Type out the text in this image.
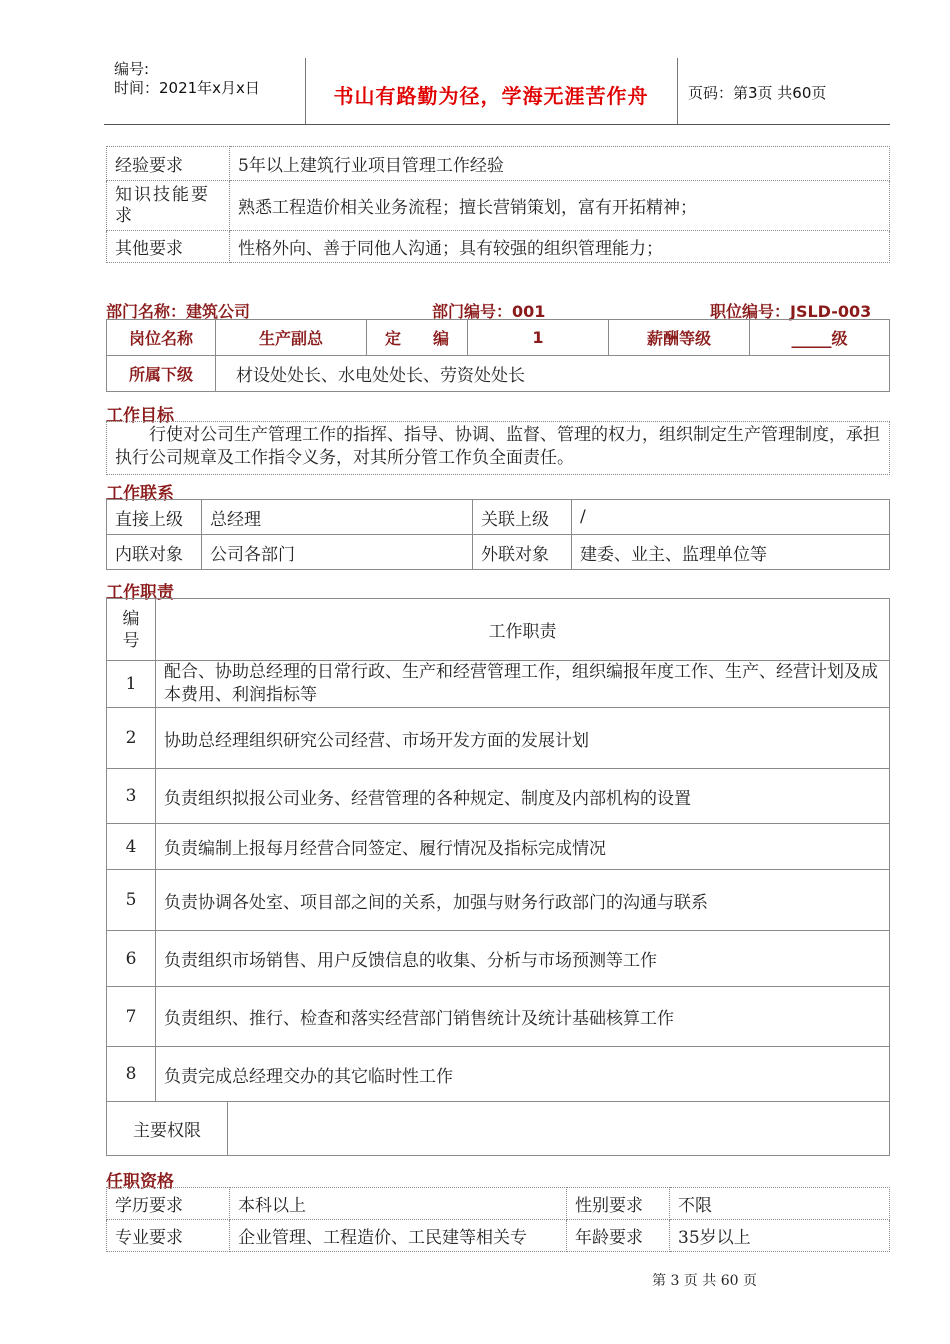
编号:
时间：2021年x月x日	书山有路勤为径，学海无涯苦作舟	页码：第3页 共60页
经验要求	5年以上建筑行业项目管理工作经验
知识技能要求	熟悉工程造价相关业务流程；擅长营销策划，富有开拓精神；
其他要求	性格外向、善于同他人沟通；具有较强的组织管理能力；
部门名称：建筑公司	部门编号：001	职位编号：JSLD-003
岗位名称	生产副总	定　　编	1	薪酬等级	_____级
所属下级	材设处处长、水电处处长、劳资处处长				
工作目标
行使对公司生产管理工作的指挥、指导、协调、监督、管理的权力，组织制定生产管理制度，承担执行公司规章及工作指令义务，对其所分管工作负全面责任。
工作联系
直接上级	总经理	关联上级	/
内联对象	公司各部门	外联对象	建委、业主、监理单位等
工作职责
编号	工作职责	
1	配合、协助总经理的日常行政、生产和经营管理工作，组织编报年度工作、生产、经营计划及成本费用、利润指标等	
2	协助总经理组织研究公司经营、市场开发方面的发展计划	
3	负责组织拟报公司业务、经营管理的各种规定、制度及内部机构的设置	
4	负责编制上报每月经营合同签定、履行情况及指标完成情况	
5	负责协调各处室、项目部之间的关系，加强与财务行政部门的沟通与联系	
6	负责组织市场销售、用户反馈信息的收集、分析与市场预测等工作	
7	负责组织、推行、检查和落实经营部门销售统计及统计基础核算工作	
8	负责完成总经理交办的其它临时性工作	
主要权限		
任职资格
学历要求	本科以上	性别要求	不限
专业要求	企业管理、工程造价、工民建等相关专	年龄要求	35岁以上
第 3 页 共 60 页
